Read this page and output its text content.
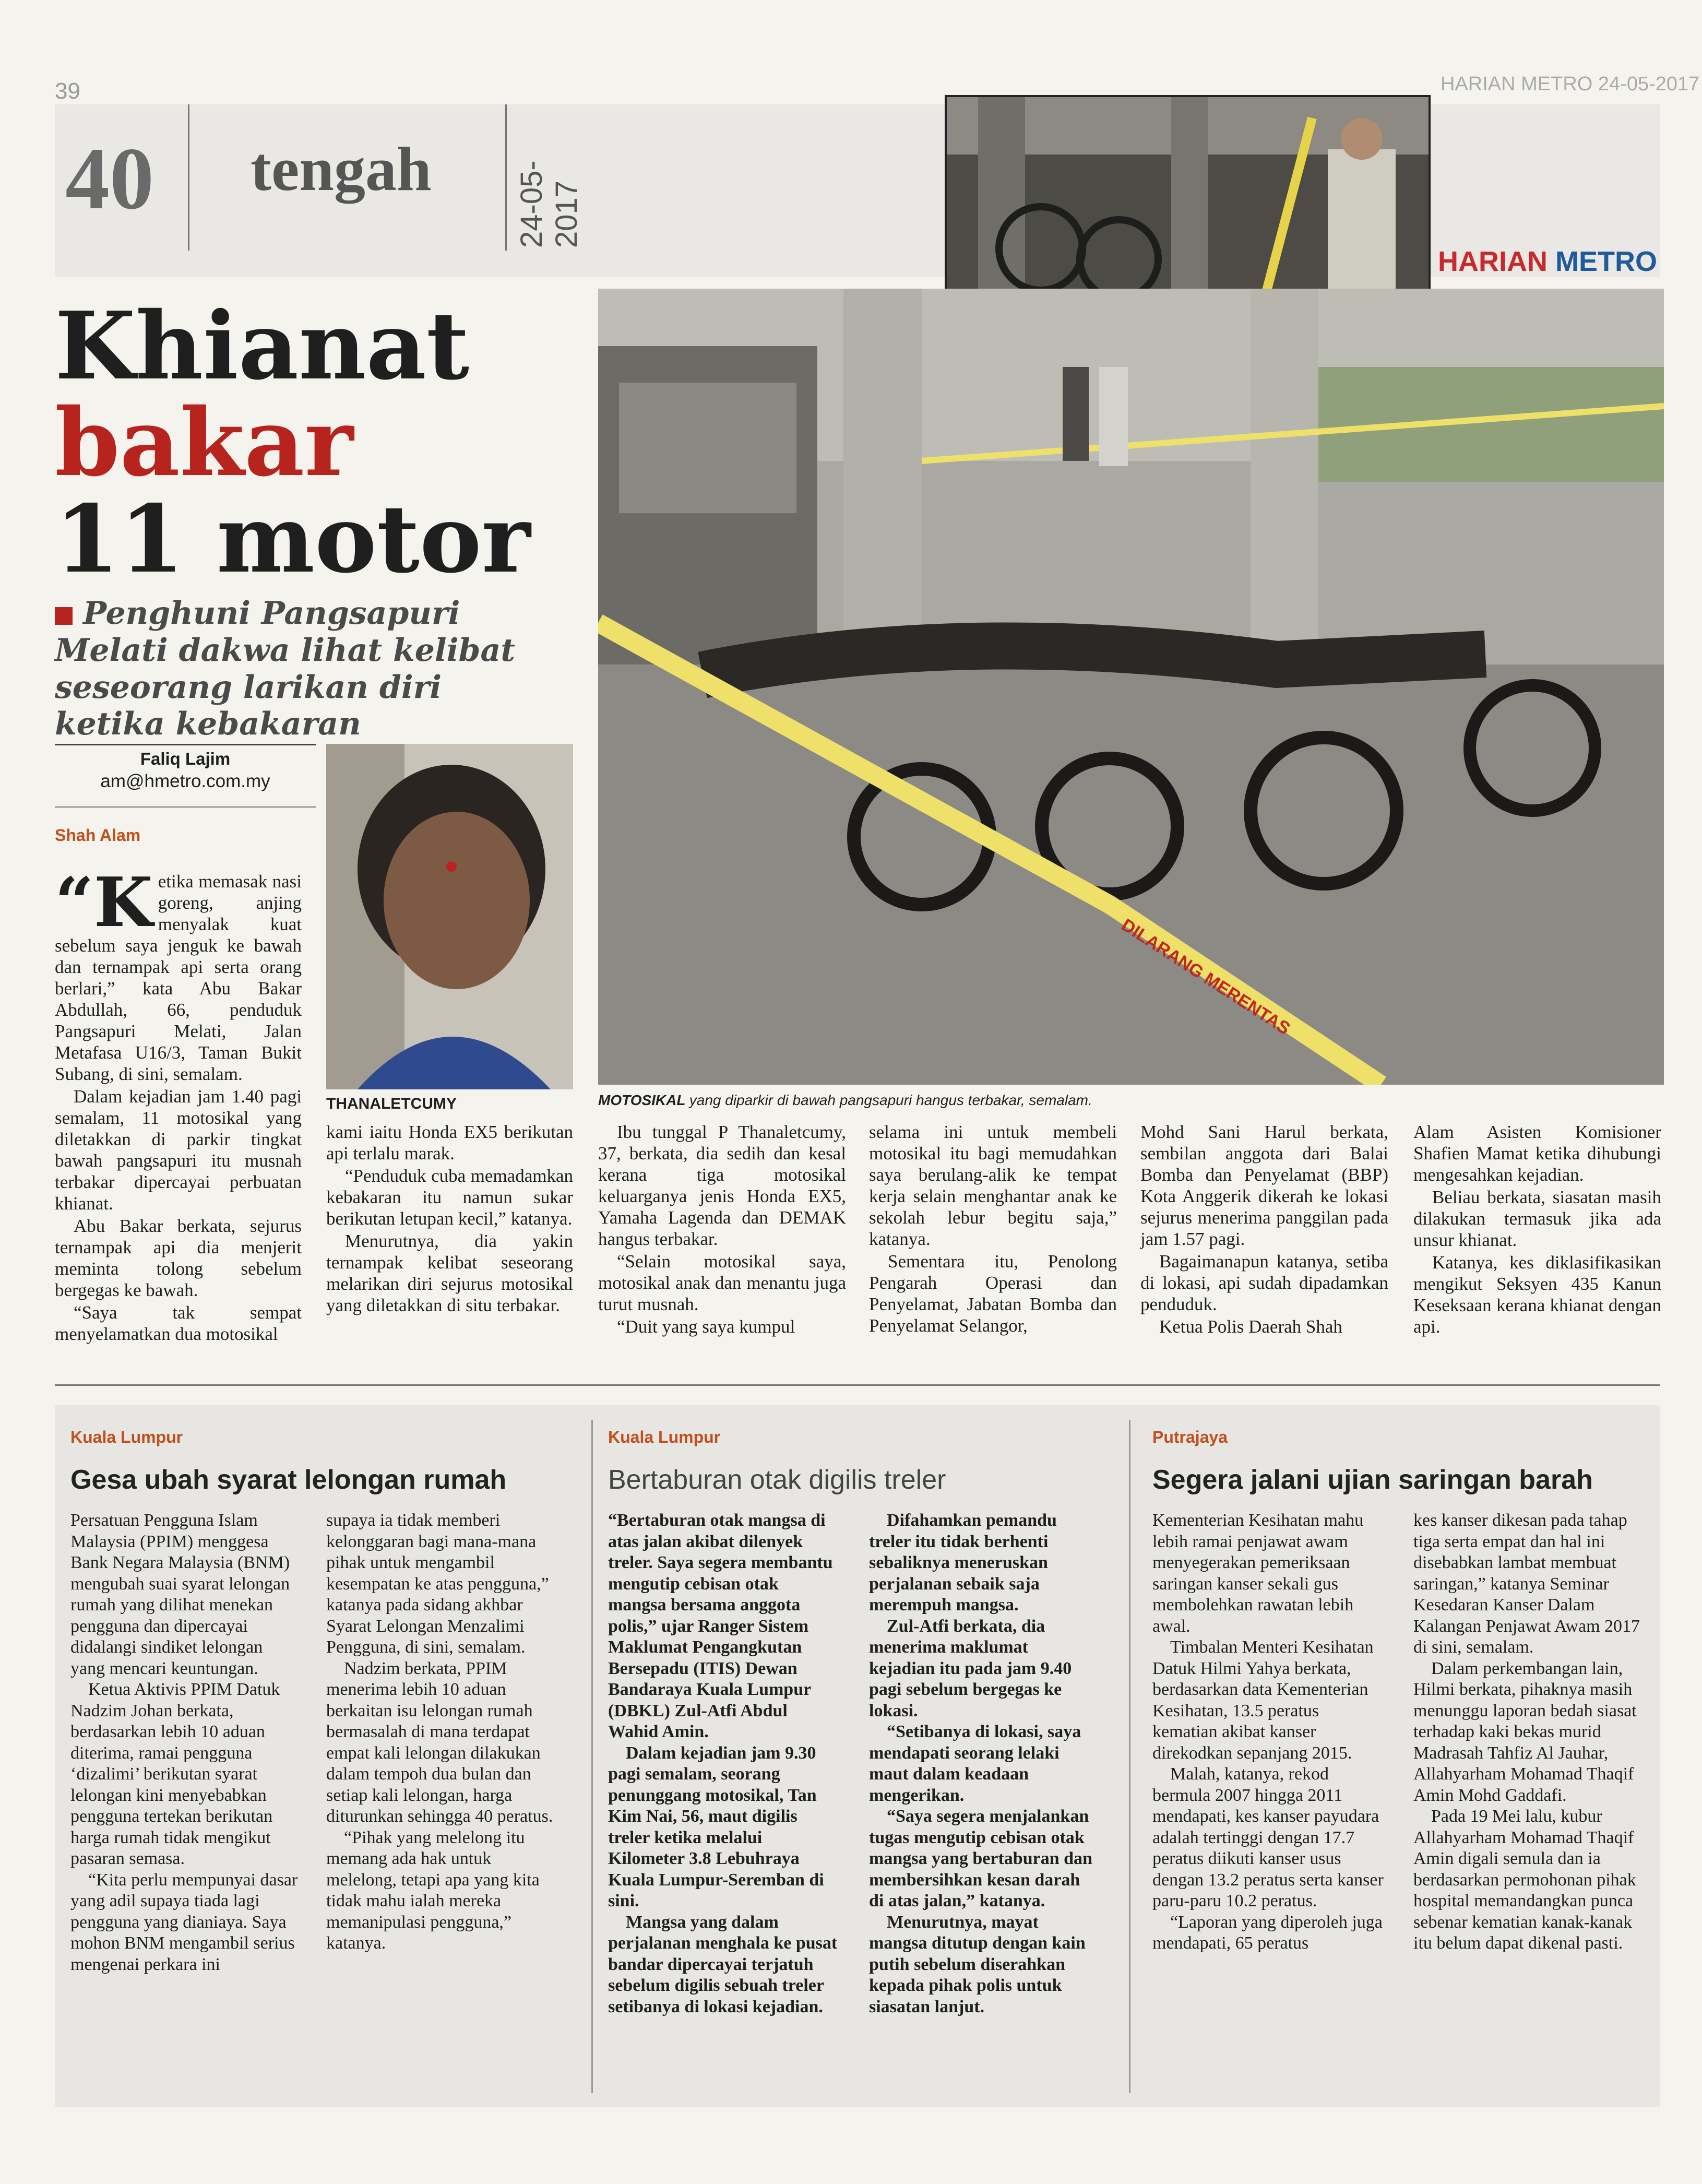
39	HARIAN METRO 24-05-2017
40 tengah	24-05-2017
HARIAN METRO
Khianat
bakar
11 motor
Penghuni Pangsapuri Melati dakwa lihat kelibat seseorang larikan diri ketika kebakaran
Faliq Lajim
am@hmetro.com.my
Shah Alam
DILARANG MERENTAS
MOTOSIKAL yang diparkir di bawah pangsapuri hangus terbakar, semalam.
THANALETCUMY

“K etika memasak nasi goreng, anjing menyalak kuat sebelum saya jenguk ke bawah dan ternampak api serta orang berlari,” kata Abu Bakar Abdullah, 66, penduduk Pangsapuri Melati, Jalan Metafasa U16/3, Taman Bukit Subang, di sini, semalam.

Dalam kejadian jam 1.40 pagi semalam, 11 motosikal yang diletakkan di parkir tingkat bawah pangsapuri itu musnah terbakar dipercayai perbuatan khianat.

Abu Bakar berkata, sejurus ternampak api dia menjerit meminta tolong sebelum bergegas ke bawah.

“Saya tak sempat menyelamatkan dua motosikal

kami iaitu Honda EX5 berikutan api terlalu marak.

“Penduduk cuba memadamkan kebakaran itu namun sukar berikutan letupan kecil,” katanya.

Menurutnya, dia yakin ternampak kelibat seseorang melarikan diri sejurus motosikal yang diletakkan di situ terbakar.

Ibu tunggal P Thanaletcumy, 37, berkata, dia sedih dan kesal kerana tiga motosikal keluarganya jenis Honda EX5, Yamaha Lagenda dan DEMAK hangus terbakar.

“Selain motosikal saya, motosikal anak dan menantu juga turut musnah.

“Duit yang saya kumpul

selama ini untuk membeli motosikal itu bagi memudahkan saya berulang-alik ke tempat kerja selain menghantar anak ke sekolah lebur begitu saja,” katanya.

Sementara itu, Penolong Pengarah Operasi dan Penyelamat, Jabatan Bomba dan Penyelamat Selangor,

Mohd Sani Harul berkata, sembilan anggota dari Balai Bomba dan Penyelamat (BBP) Kota Anggerik dikerah ke lokasi sejurus menerima panggilan pada jam 1.57 pagi.

Bagaimanapun katanya, setiba di lokasi, api sudah dipadamkan penduduk.

Ketua Polis Daerah Shah

Alam Asisten Komisioner Shafien Mamat ketika dihubungi mengesahkan kejadian.

Beliau berkata, siasatan masih dilakukan termasuk jika ada unsur khianat.

Katanya, kes diklasifikasikan mengikut Seksyen 435 Kanun Keseksaan kerana khianat dengan api.

Kuala Lumpur
Gesa ubah syarat lelongan rumah

Persatuan Pengguna Islam Malaysia (PPIM) menggesa Bank Negara Malaysia (BNM) mengubah suai syarat lelongan rumah yang dilihat menekan pengguna dan dipercayai didalangi sindiket lelongan yang mencari keuntungan.

Ketua Aktivis PPIM Datuk Nadzim Johan berkata, berdasarkan lebih 10 aduan diterima, ramai pengguna ‘dizalimi’ berikutan syarat lelongan kini menyebabkan pengguna tertekan berikutan harga rumah tidak mengikut pasaran semasa.

“Kita perlu mempunyai dasar yang adil supaya tiada lagi pengguna yang dianiaya. Saya mohon BNM mengambil serius mengenai perkara ini

supaya ia tidak memberi kelonggaran bagi mana-mana pihak untuk mengambil kesempatan ke atas pengguna,” katanya pada sidang akhbar Syarat Lelongan Menzalimi Pengguna, di sini, semalam.

Nadzim berkata, PPIM menerima lebih 10 aduan berkaitan isu lelongan rumah bermasalah di mana terdapat empat kali lelongan dilakukan dalam tempoh dua bulan dan setiap kali lelongan, harga diturunkan sehingga 40 peratus.

“Pihak yang melelong itu memang ada hak untuk melelong, tetapi apa yang kita tidak mahu ialah mereka memanipulasi pengguna,” katanya.

Kuala Lumpur
Bertaburan otak digilis treler

“Bertaburan otak mangsa di atas jalan akibat dilenyek treler. Saya segera membantu mengutip cebisan otak mangsa bersama anggota polis,” ujar Ranger Sistem Maklumat Pengangkutan Bersepadu (ITIS) Dewan Bandaraya Kuala Lumpur (DBKL) Zul-Atfi Abdul Wahid Amin.

Dalam kejadian jam 9.30 pagi semalam, seorang penunggang motosikal, Tan Kim Nai, 56, maut digilis treler ketika melalui Kilometer 3.8 Lebuhraya Kuala Lumpur-Seremban di sini.

Mangsa yang dalam perjalanan menghala ke pusat bandar dipercayai terjatuh sebelum digilis sebuah treler setibanya di lokasi kejadian.

Difahamkan pemandu treler itu tidak berhenti sebaliknya meneruskan perjalanan sebaik saja merempuh mangsa.

Zul-Atfi berkata, dia menerima maklumat kejadian itu pada jam 9.40 pagi sebelum bergegas ke lokasi.

“Setibanya di lokasi, saya mendapati seorang lelaki maut dalam keadaan mengerikan.

“Saya segera menjalankan tugas mengutip cebisan otak mangsa yang bertaburan dan membersihkan kesan darah di atas jalan,” katanya.

Menurutnya, mayat mangsa ditutup dengan kain putih sebelum diserahkan kepada pihak polis untuk siasatan lanjut.

Putrajaya
Segera jalani ujian saringan barah

Kementerian Kesihatan mahu lebih ramai penjawat awam menyegerakan pemeriksaan saringan kanser sekali gus membolehkan rawatan lebih awal.

Timbalan Menteri Kesihatan Datuk Hilmi Yahya berkata, berdasarkan data Kementerian Kesihatan, 13.5 peratus kematian akibat kanser direkodkan sepanjang 2015.

Malah, katanya, rekod bermula 2007 hingga 2011 mendapati, kes kanser payudara adalah tertinggi dengan 17.7 peratus diikuti kanser usus dengan 13.2 peratus serta kanser paru-paru 10.2 peratus.

“Laporan yang diperoleh juga mendapati, 65 peratus

kes kanser dikesan pada tahap tiga serta empat dan hal ini disebabkan lambat membuat saringan,” katanya Seminar Kesedaran Kanser Dalam Kalangan Penjawat Awam 2017 di sini, semalam.

Dalam perkembangan lain, Hilmi berkata, pihaknya masih menunggu laporan bedah siasat terhadap kaki bekas murid Madrasah Tahfiz Al Jauhar, Allahyarham Mohamad Thaqif Amin Mohd Gaddafi.

Pada 19 Mei lalu, kubur Allahyarham Mohamad Thaqif Amin digali semula dan ia berdasarkan permohonan pihak hospital memandangkan punca sebenar kematian kanak-kanak itu belum dapat dikenal pasti.
